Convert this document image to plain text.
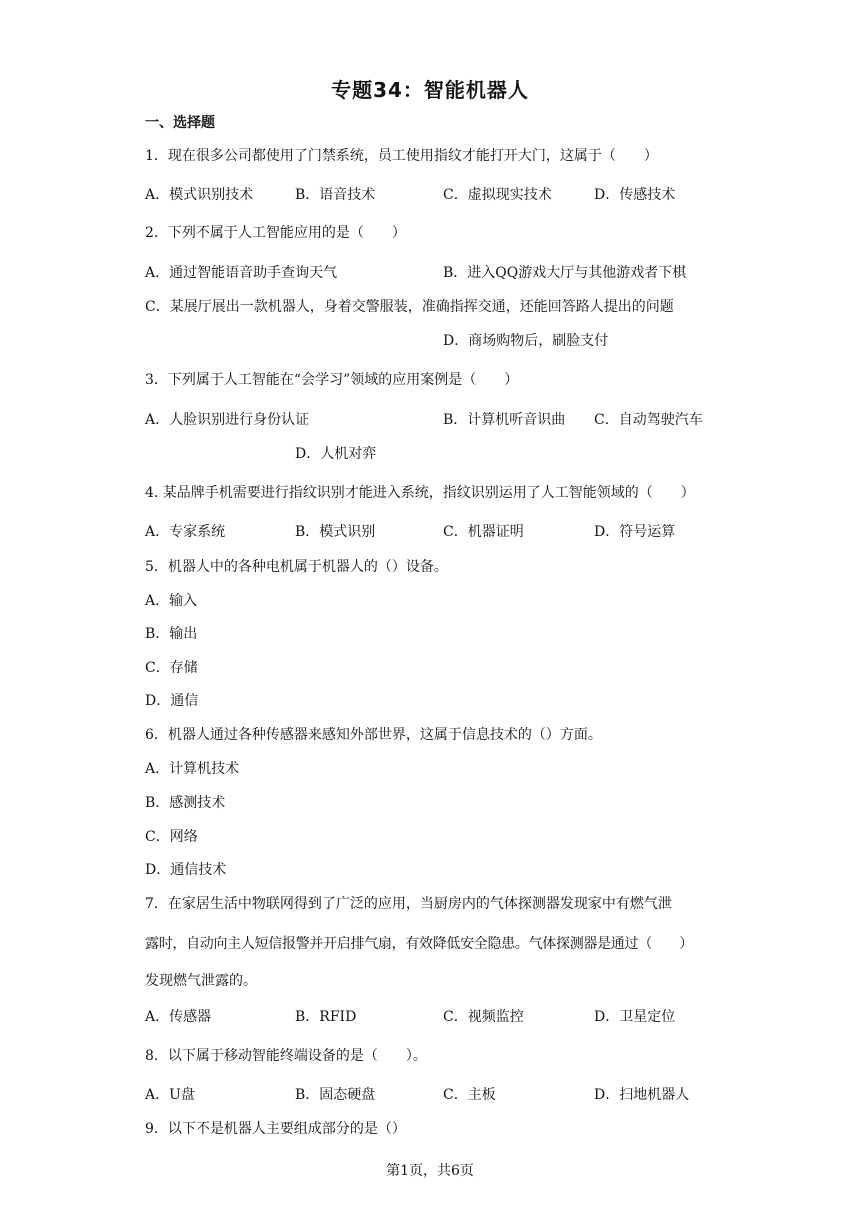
专题34：智能机器人
一、选择题
1．现在很多公司都使用了门禁系统，员工使用指纹才能打开大门，这属于（　　）
A．模式识别技术	B．语音技术	C．虚拟现实技术	D．传感技术
2．下列不属于人工智能应用的是（　　）
A．通过智能语音助手查询天气	B．进入QQ游戏大厅与其他游戏者下棋
C．某展厅展出一款机器人，身着交警服装，准确指挥交通，还能回答路人提出的问题
D．商场购物后，刷脸支付
3．下列属于人工智能在“会学习”领域的应用案例是（　　）
A．人脸识别进行身份认证	B．计算机听音识曲 C．自动驾驶汽车
D．人机对弈
4. 某品牌手机需要进行指纹识别才能进入系统，指纹识别运用了人工智能领域的（　　）
A．专家系统	B．模式识别	C．机器证明	D．符号运算
5．机器人中的各种电机属于机器人的（）设备。
A．输入
B．输出
C．存储
D．通信
6．机器人通过各种传感器来感知外部世界，这属于信息技术的（）方面。
A．计算机技术
B．感测技术
C．网络
D．通信技术
7．在家居生活中物联网得到了广泛的应用，当厨房内的气体探测器发现家中有燃气泄
露时，自动向主人短信报警并开启排气扇，有效降低安全隐患。气体探测器是通过（　　）
发现燃气泄露的。
A．传感器	B．RFID	C．视频监控	D．卫星定位
8．以下属于移动智能终端设备的是（　　）。
A．U盘	B．固态硬盘	C．主板	D．扫地机器人
9．以下不是机器人主要组成部分的是（）
第1页，共6页
